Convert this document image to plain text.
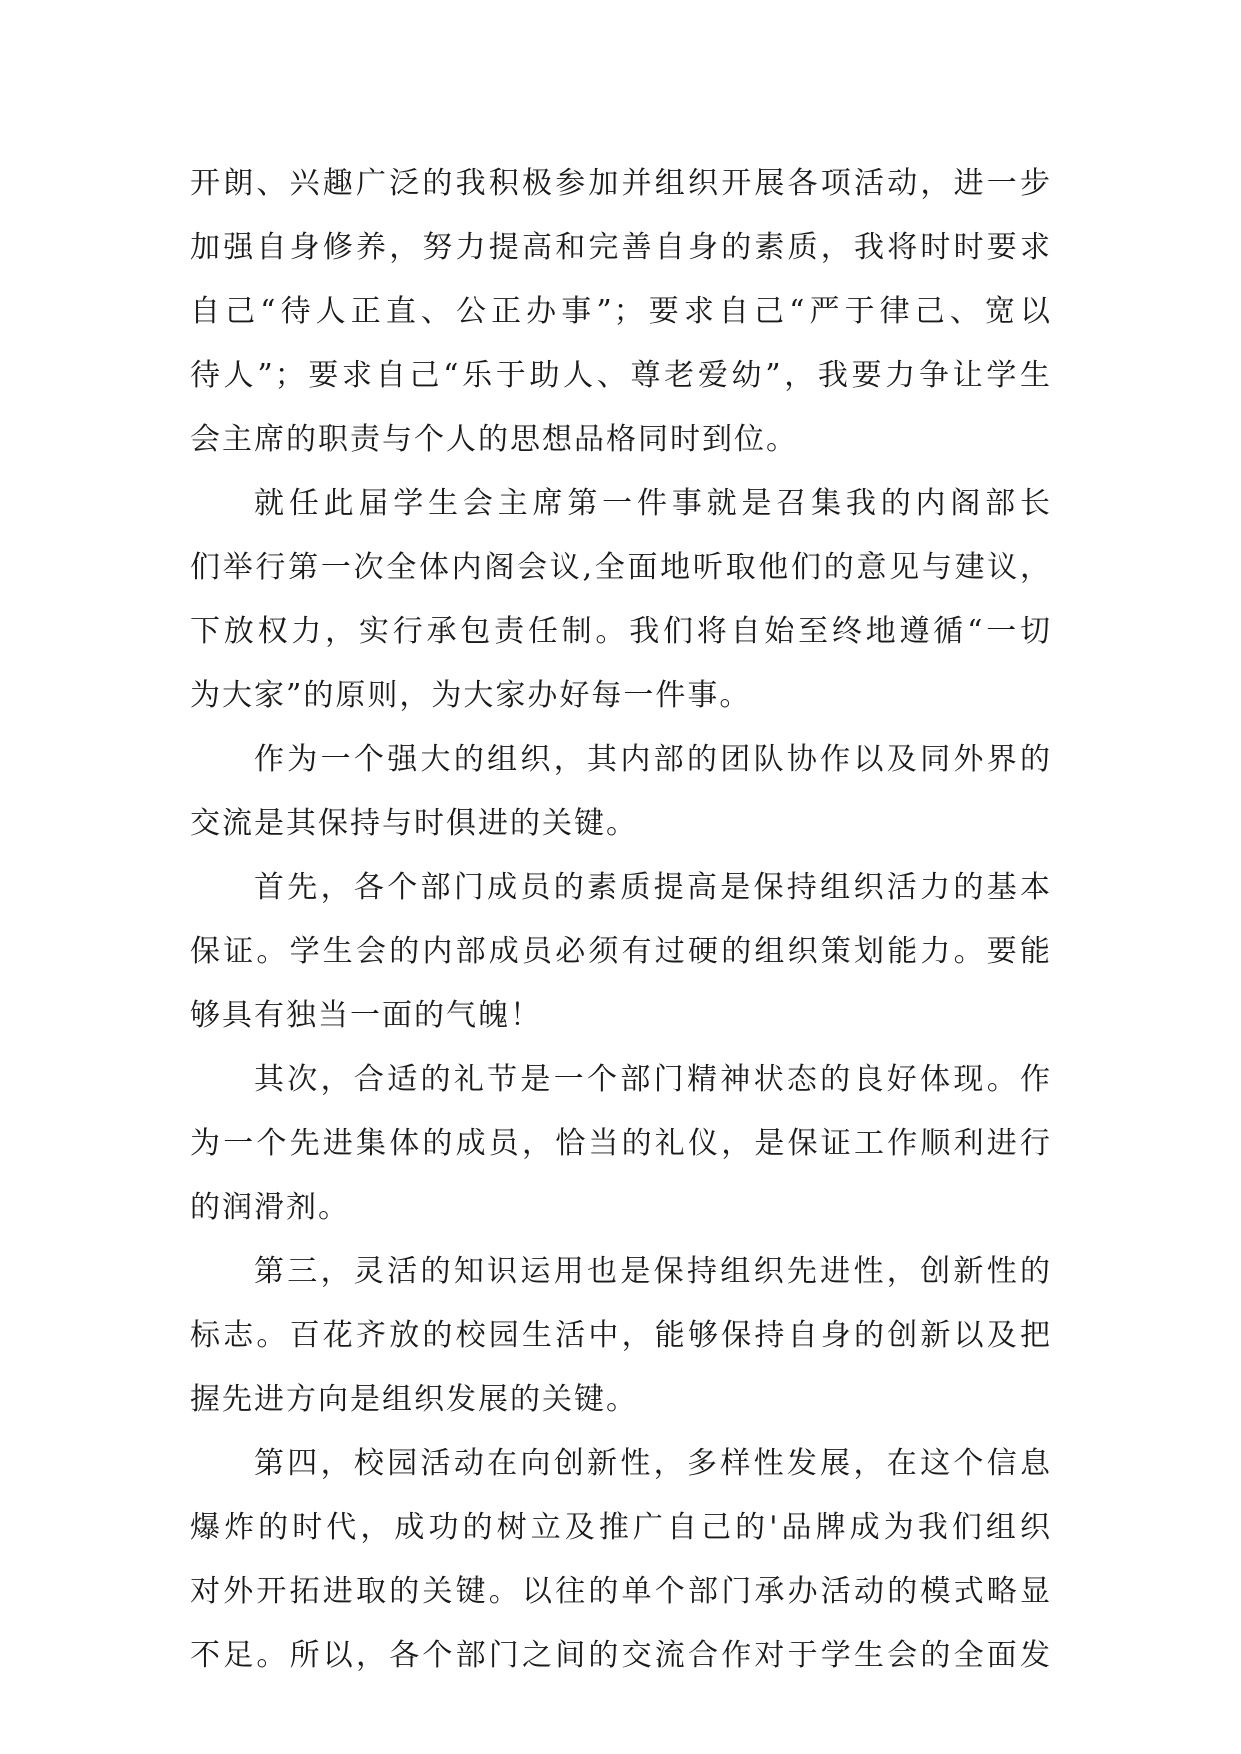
开朗、兴趣广泛的我积极参加并组织开展各项活动，进一步
加强自身修养，努力提高和完善自身的素质，我将时时要求
自己“待人正直、公正办事”；要求自己“严于律己、宽以
待人”；要求自己“乐于助人、尊老爱幼”，我要力争让学生
会主席的职责与个人的思想品格同时到位。
就任此届学生会主席第一件事就是召集我的内阁部长
们举行第一次全体内阁会议,全面地听取他们的意见与建议，
下放权力，实行承包责任制。我们将自始至终地遵循“一切
为大家”的原则，为大家办好每一件事。
作为一个强大的组织，其内部的团队协作以及同外界的
交流是其保持与时俱进的关键。
首先，各个部门成员的素质提高是保持组织活力的基本
保证。学生会的内部成员必须有过硬的组织策划能力。要能
够具有独当一面的气魄！
其次，合适的礼节是一个部门精神状态的良好体现。作
为一个先进集体的成员，恰当的礼仪，是保证工作顺利进行
的润滑剂。
第三，灵活的知识运用也是保持组织先进性，创新性的
标志。百花齐放的校园生活中，能够保持自身的创新以及把
握先进方向是组织发展的关键。
第四，校园活动在向创新性，多样性发展，在这个信息
爆炸的时代，成功的树立及推广自己的'品牌成为我们组织
对外开拓进取的关键。以往的单个部门承办活动的模式略显
不足。所以，各个部门之间的交流合作对于学生会的全面发
